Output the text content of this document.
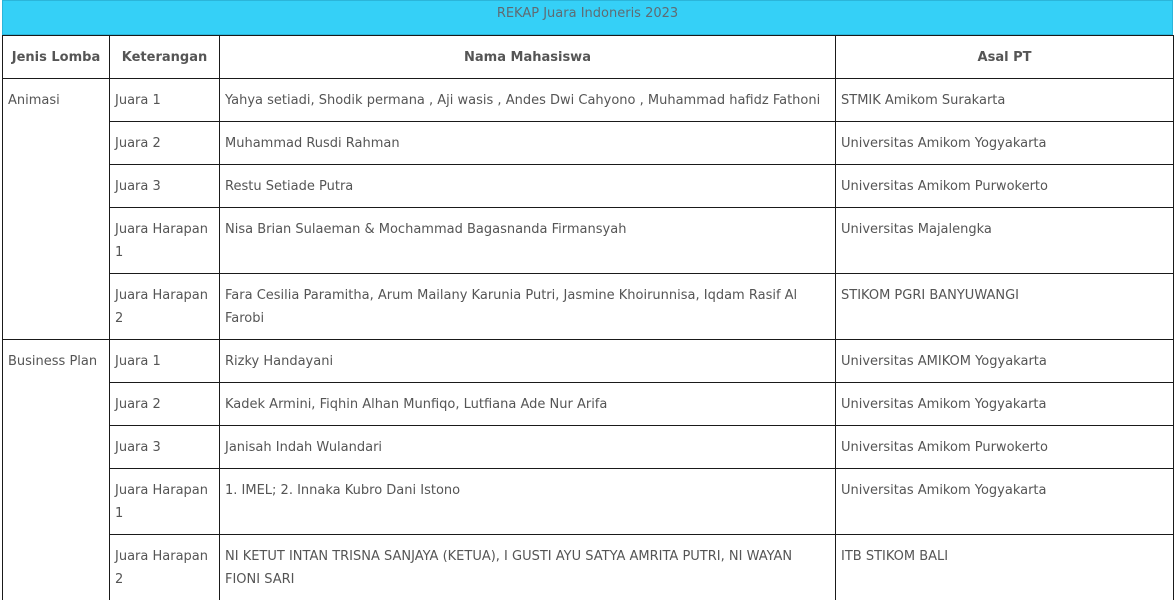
REKAP Juara Indoneris 2023
Jenis Lomba	Keterangan	Nama Mahasiswa	Asal PT
Animasi	Juara 1	Yahya setiadi, Shodik permana , Aji wasis , Andes Dwi Cahyono , Muhammad hafidz Fathoni	STMIK Amikom Surakarta
	Juara 2	Muhammad Rusdi Rahman	Universitas Amikom Yogyakarta
	Juara 3	Restu Setiade Putra	Universitas Amikom Purwokerto
	Juara Harapan 1	Nisa Brian Sulaeman & Mochammad Bagasnanda Firmansyah	Universitas Majalengka
	Juara Harapan 2	Fara Cesilia Paramitha, Arum Mailany Karunia Putri, Jasmine Khoirunnisa, Iqdam Rasif Al Farobi	STIKOM PGRI BANYUWANGI
Business Plan	Juara 1	Rizky Handayani	Universitas AMIKOM Yogyakarta
	Juara 2	Kadek Armini, Fiqhin Alhan Munfiqo, Lutfiana Ade Nur Arifa	Universitas Amikom Yogyakarta
	Juara 3	Janisah Indah Wulandari	Universitas Amikom Purwokerto
	Juara Harapan 1	1. IMEL; 2. Innaka Kubro Dani Istono	Universitas Amikom Yogyakarta
	Juara Harapan 2	NI KETUT INTAN TRISNA SANJAYA (KETUA), I GUSTI AYU SATYA AMRITA PUTRI, NI WAYAN FIONI SARI	ITB STIKOM BALI
